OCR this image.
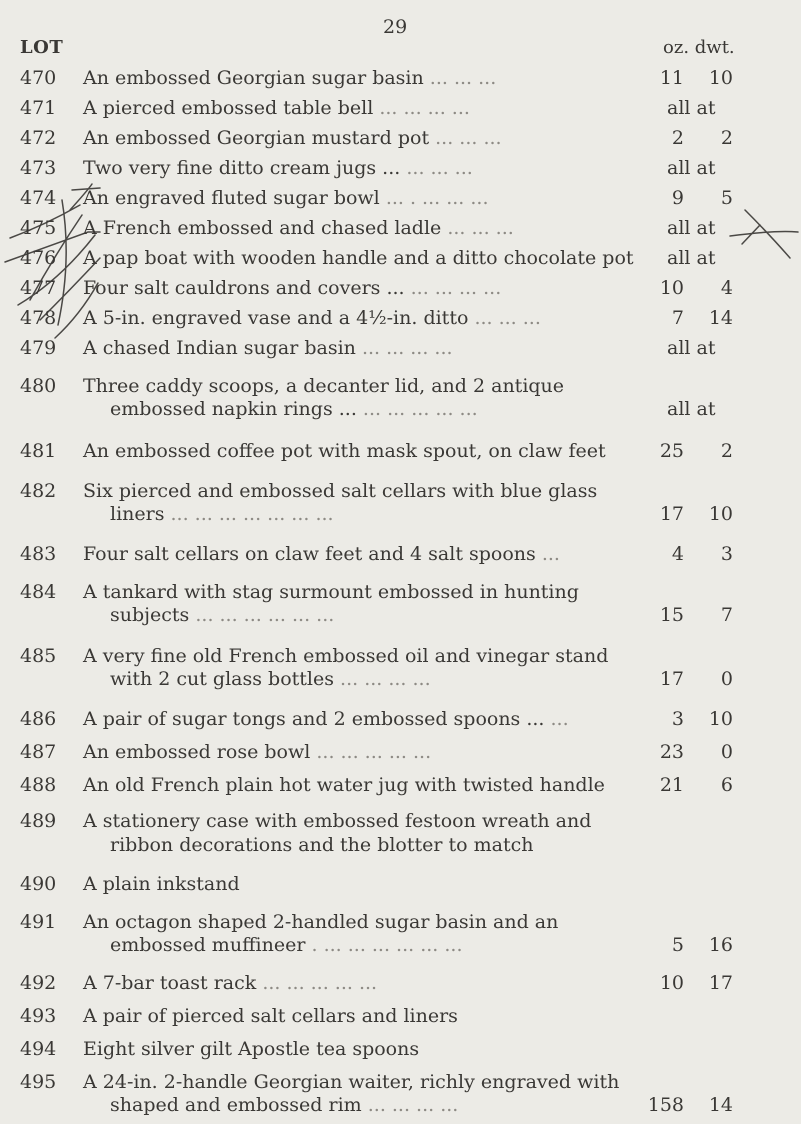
29
LOT	oz. dwt.
470	An embossed Georgian sugar basin ... ... ...	11	10
471	A pierced embossed table bell ... ... ... ...	all at
472	An embossed Georgian mustard pot ... ... ...	2	2
473	Two very fine ditto cream jugs ... ... ... ...	all at
474	An engraved fluted sugar bowl ... . ... ... ...	9	5
475	A French embossed and chased ladle ... ... ...	all at
476	A pap boat with wooden handle and a ditto chocolate pot all at
477	Four salt cauldrons and covers ... ... ... ... ...	10	4
478	A 5-in. engraved vase and a 4½-in. ditto ... ... ...	7	14
479	A chased Indian sugar basin ... ... ... ...	all at
480	Three caddy scoops, a decanter lid, and 2 antique
embossed napkin rings ... ... ... ... ... ...	all at
481	An embossed coffee pot with mask spout, on claw feet	25	2
482	Six pierced and embossed salt cellars with blue glass
liners ... ... ... ... ... ... ...	17	10
483	Four salt cellars on claw feet and 4 salt spoons ...	4	3
484	A tankard with stag surmount embossed in hunting
subjects ... ... ... ... ... ...	15	7
485	A very fine old French embossed oil and vinegar stand
with 2 cut glass bottles ... ... ... ...	17	0
486	A pair of sugar tongs and 2 embossed spoons ... ...	3	10
487	An embossed rose bowl ... ... ... ... ...	23	0
488	An old French plain hot water jug with twisted handle	21	6
489	A stationery case with embossed festoon wreath and
ribbon decorations and the blotter to match
490	A plain inkstand
491	An octagon shaped 2-handled sugar basin and an
embossed muffineer . ... ... ... ... ... ...	5	16
492	A 7-bar toast rack ... ... ... ... ...	10	17
493	A pair of pierced salt cellars and liners
494	Eight silver gilt Apostle tea spoons
495	A 24-in. 2-handle Georgian waiter, richly engraved with
shaped and embossed rim ... ... ... ...	158	14
